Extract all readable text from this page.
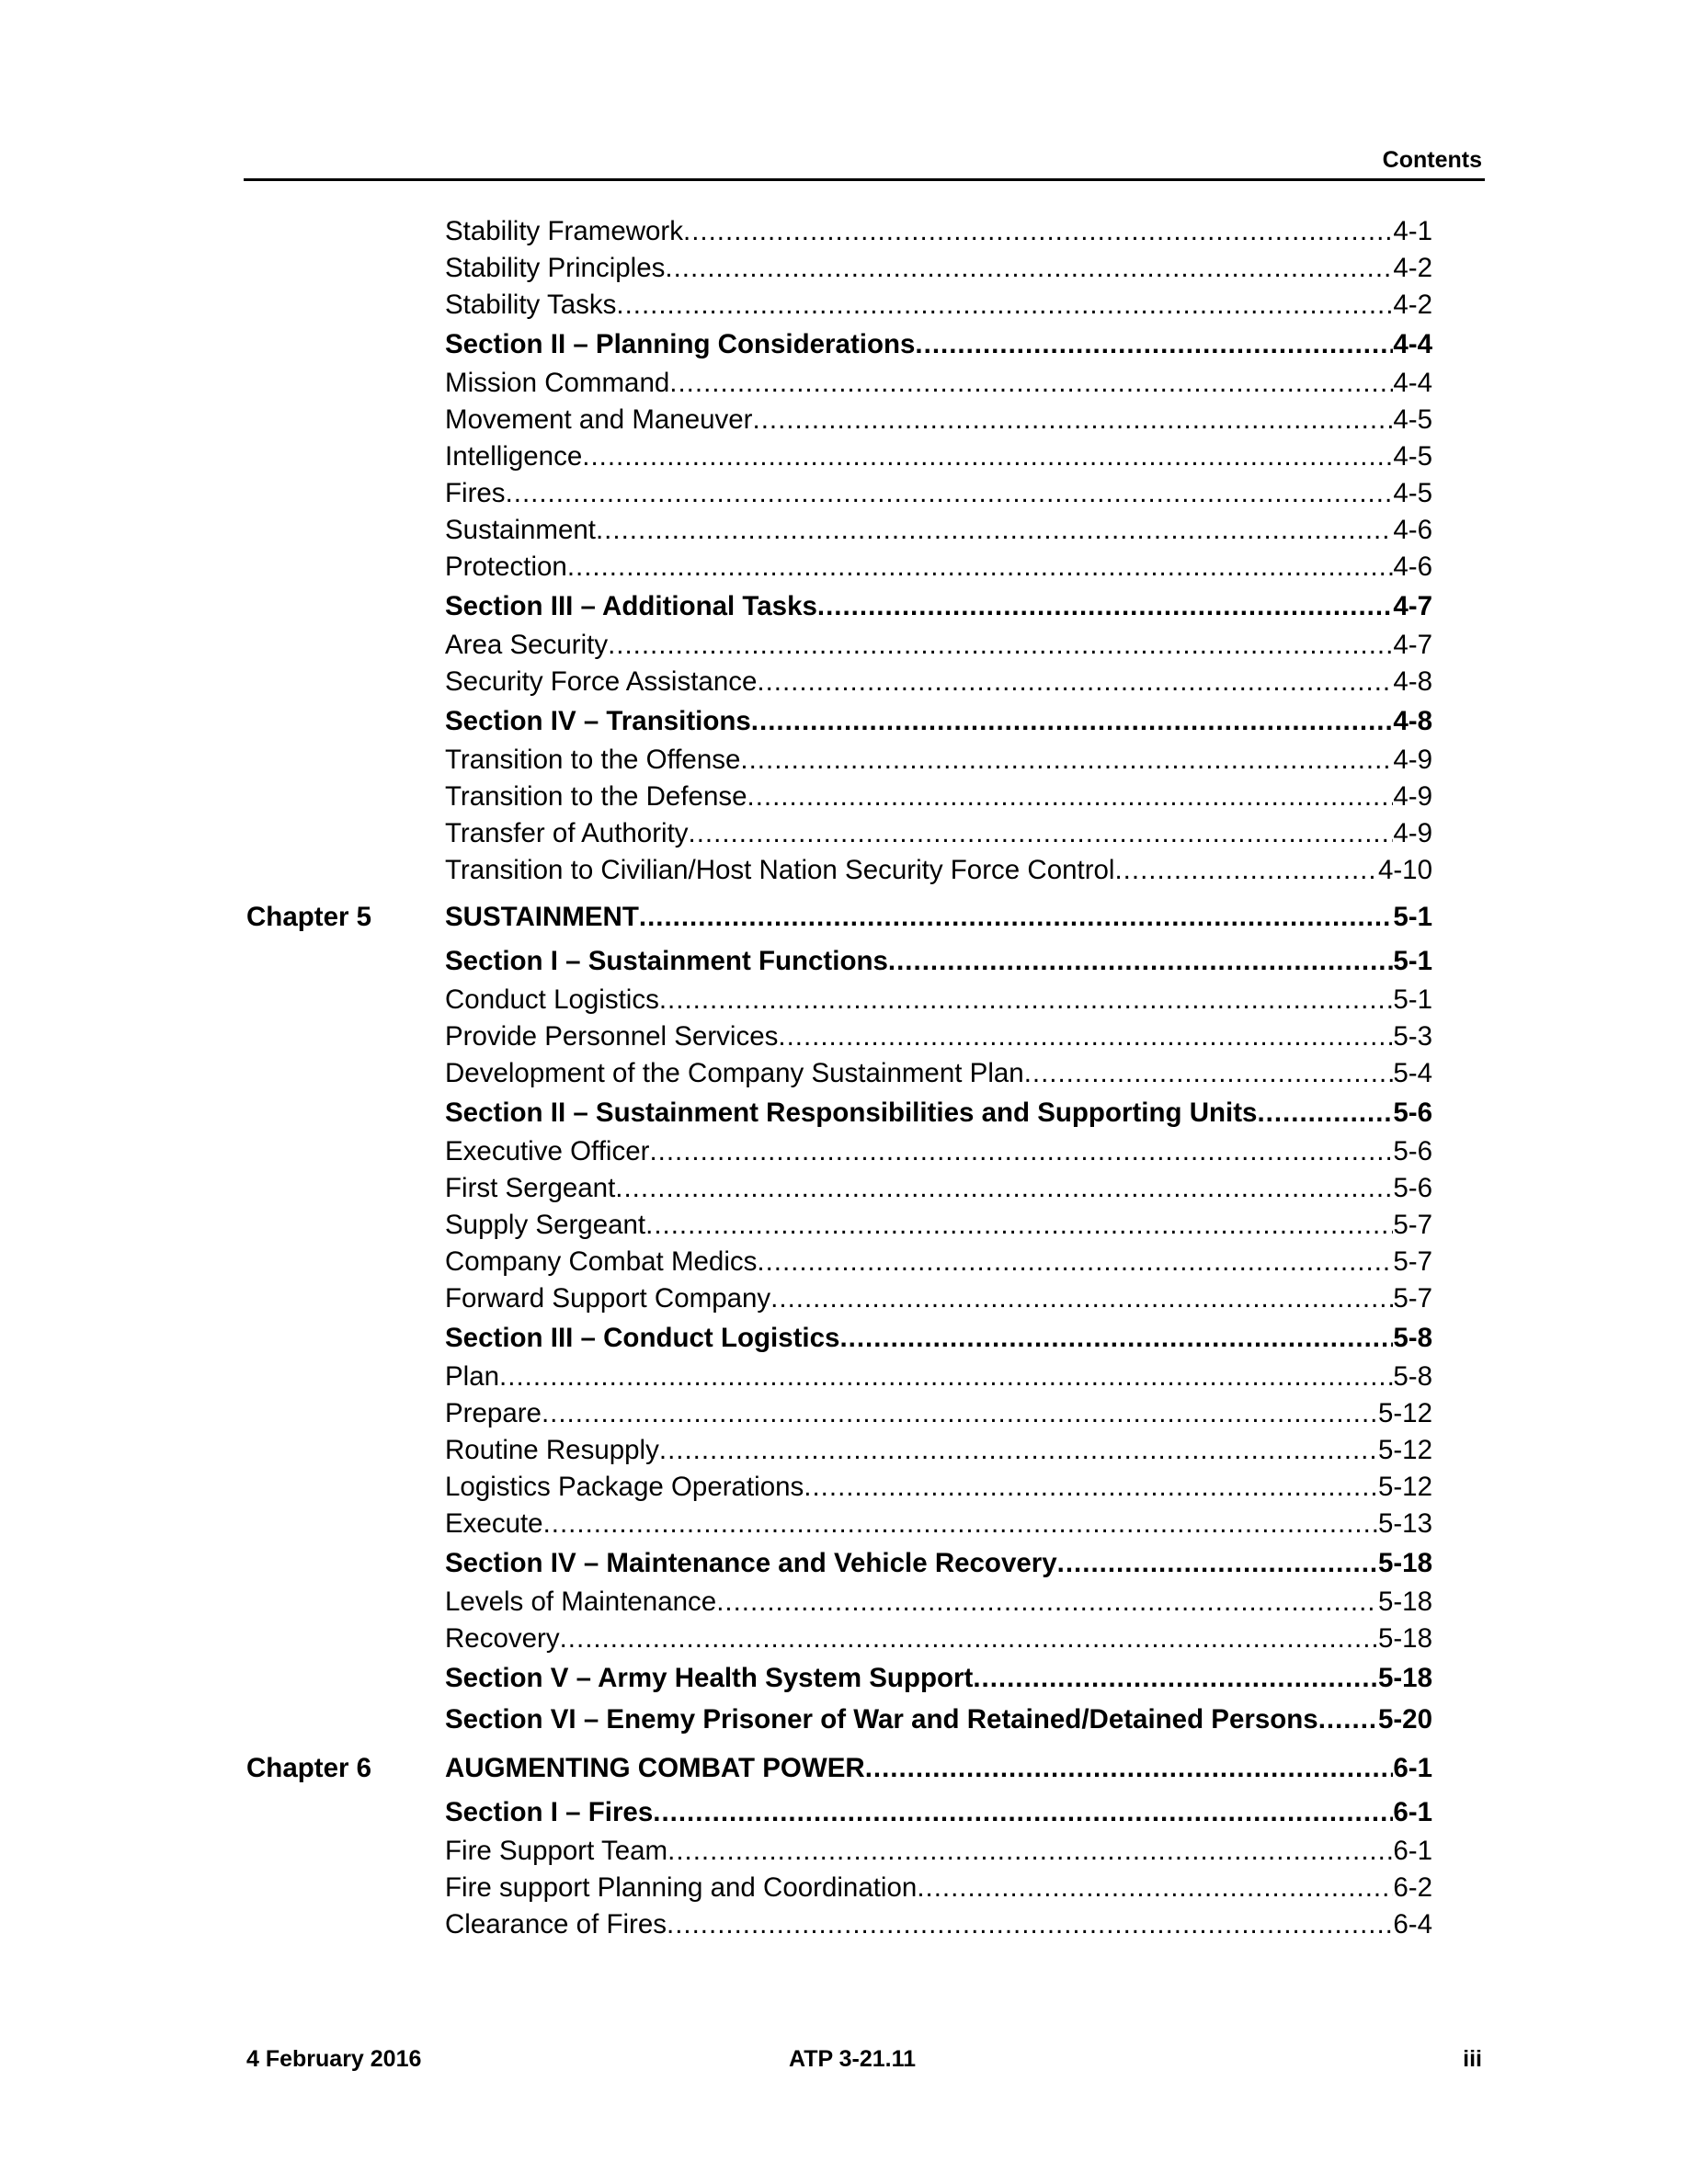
Contents
Stability Framework .....	4-1
Stability Principles .....	4-2
Stability Tasks .....	4-2
Section II – Planning Considerations .....	4-4
Mission Command .....	4-4
Movement and Maneuver .....	4-5
Intelligence .....	4-5
Fires .....	4-5
Sustainment .....	4-6
Protection .....	4-6
Section III – Additional Tasks .....	4-7
Area Security .....	4-7
Security Force Assistance .....	4-8
Section IV – Transitions .....	4-8
Transition to the Offense .....	4-9
Transition to the Defense .....	4-9
Transfer of Authority .....	4-9
Transition to Civilian/Host Nation Security Force Control .....	4-10
Chapter 5	SUSTAINMENT .....	5-1
Section I – Sustainment Functions .....	5-1
Conduct Logistics .....	5-1
Provide Personnel Services .....	5-3
Development of the Company Sustainment Plan .....	5-4
Section II – Sustainment Responsibilities and Supporting Units .....	5-6
Executive Officer .....	5-6
First Sergeant .....	5-6
Supply Sergeant .....	5-7
Company Combat Medics .....	5-7
Forward Support Company .....	5-7
Section III – Conduct Logistics .....	5-8
Plan .....	5-8
Prepare .....	5-12
Routine Resupply .....	5-12
Logistics Package Operations .....	5-12
Execute .....	5-13
Section IV – Maintenance and Vehicle Recovery .....	5-18
Levels of Maintenance .....	5-18
Recovery .....	5-18
Section V – Army Health System Support .....	5-18
Section VI – Enemy Prisoner of War and Retained/Detained Persons ..... 5-20
Chapter 6	AUGMENTING COMBAT POWER .....	6-1
Section I – Fires .....	6-1
Fire Support Team .....	6-1
Fire support Planning and Coordination .....	6-2
Clearance of Fires .....	6-4
4 February 2016	ATP 3-21.11	iii
